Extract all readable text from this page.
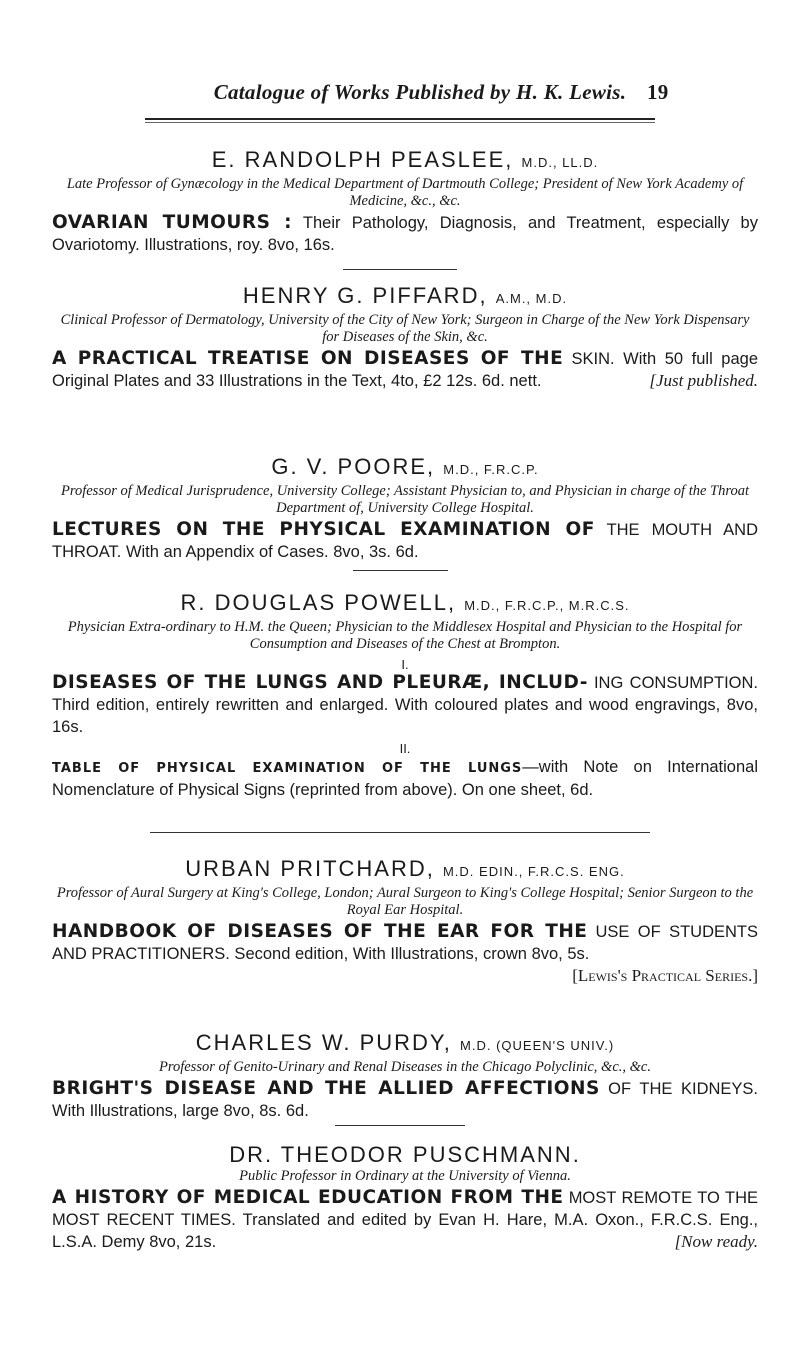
Catalogue of Works Published by H. K. Lewis. 19
E. RANDOLPH PEASLEE, M.D., LL.D.
Late Professor of Gynæcology in the Medical Department of Dartmouth College; President of New York Academy of Medicine, &c., &c.
OVARIAN TUMOURS : Their Pathology, Diagnosis, and Treatment, especially by Ovariotomy. Illustrations, roy. 8vo, 16s.
HENRY G. PIFFARD, A.M., M.D.
Clinical Professor of Dermatology, University of the City of New York; Surgeon in Charge of the New York Dispensary for Diseases of the Skin, &c.
A PRACTICAL TREATISE ON DISEASES OF THE SKIN. With 50 full page Original Plates and 33 Illustrations in the Text, 4to, £2 12s. 6d. nett.	[Just published.
G. V. POORE, M.D., F.R.C.P.
Professor of Medical Jurisprudence, University College; Assistant Physician to, and Physician in charge of the Throat Department of, University College Hospital.
LECTURES ON THE PHYSICAL EXAMINATION OF THE MOUTH AND THROAT. With an Appendix of Cases. 8vo, 3s. 6d.
R. DOUGLAS POWELL, M.D., F.R.C.P., M.R.C.S.
Physician Extra-ordinary to H.M. the Queen; Physician to the Middlesex Hospital and Physician to the Hospital for Consumption and Diseases of the Chest at Brompton.
I.
DISEASES OF THE LUNGS AND PLEURÆ, INCLUD- ING CONSUMPTION. Third edition, entirely rewritten and enlarged. With coloured plates and wood engravings, 8vo, 16s.
II.
TABLE OF PHYSICAL EXAMINATION OF THE LUNGS—with Note on International Nomenclature of Physical Signs (reprinted from above). On one sheet, 6d.
URBAN PRITCHARD, M.D. EDIN., F.R.C.S. ENG.
Professor of Aural Surgery at King's College, London; Aural Surgeon to King's College Hospital; Senior Surgeon to the Royal Ear Hospital.
HANDBOOK OF DISEASES OF THE EAR FOR THE USE OF STUDENTS AND PRACTITIONERS. Second edition, With Illustrations, crown 8vo, 5s.
[Lewis's Practical Series.]
CHARLES W. PURDY, M.D. (QUEEN'S UNIV.)
Professor of Genito-Urinary and Renal Diseases in the Chicago Polyclinic, &c., &c.
BRIGHT'S DISEASE AND THE ALLIED AFFECTIONS OF THE KIDNEYS. With Illustrations, large 8vo, 8s. 6d.
DR. THEODOR PUSCHMANN.
Public Professor in Ordinary at the University of Vienna.
A HISTORY OF MEDICAL EDUCATION FROM THE MOST REMOTE TO THE MOST RECENT TIMES. Translated and edited by Evan H. Hare, M.A. Oxon., F.R.C.S. Eng., L.S.A. Demy 8vo, 21s.	[Now ready.
